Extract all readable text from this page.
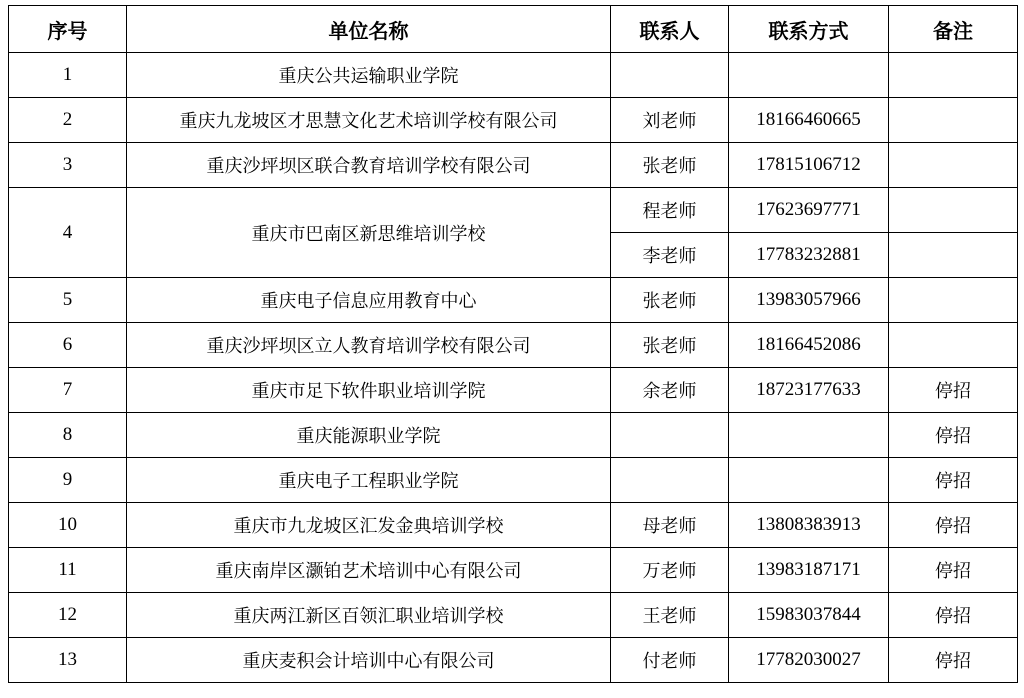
序号	单位名称	联系人	联系方式	备注
1	重庆公共运输职业学院			
2	重庆九龙坡区才思慧文化艺术培训学校有限公司	刘老师	18166460665	
3	重庆沙坪坝区联合教育培训学校有限公司	张老师	17815106712	
4	重庆市巴南区新思维培训学校	程老师	17623697771	
		李老师	17783232881	
5	重庆电子信息应用教育中心	张老师	13983057966	
6	重庆沙坪坝区立人教育培训学校有限公司	张老师	18166452086	
7	重庆市足下软件职业培训学院	余老师	18723177633	停招
8	重庆能源职业学院			停招
9	重庆电子工程职业学院			停招
10	重庆市九龙坡区汇发金典培训学校	母老师	13808383913	停招
11	重庆南岸区灏铂艺术培训中心有限公司	万老师	13983187171	停招
12	重庆两江新区百领汇职业培训学校	王老师	15983037844	停招
13	重庆麦积会计培训中心有限公司	付老师	17782030027	停招
